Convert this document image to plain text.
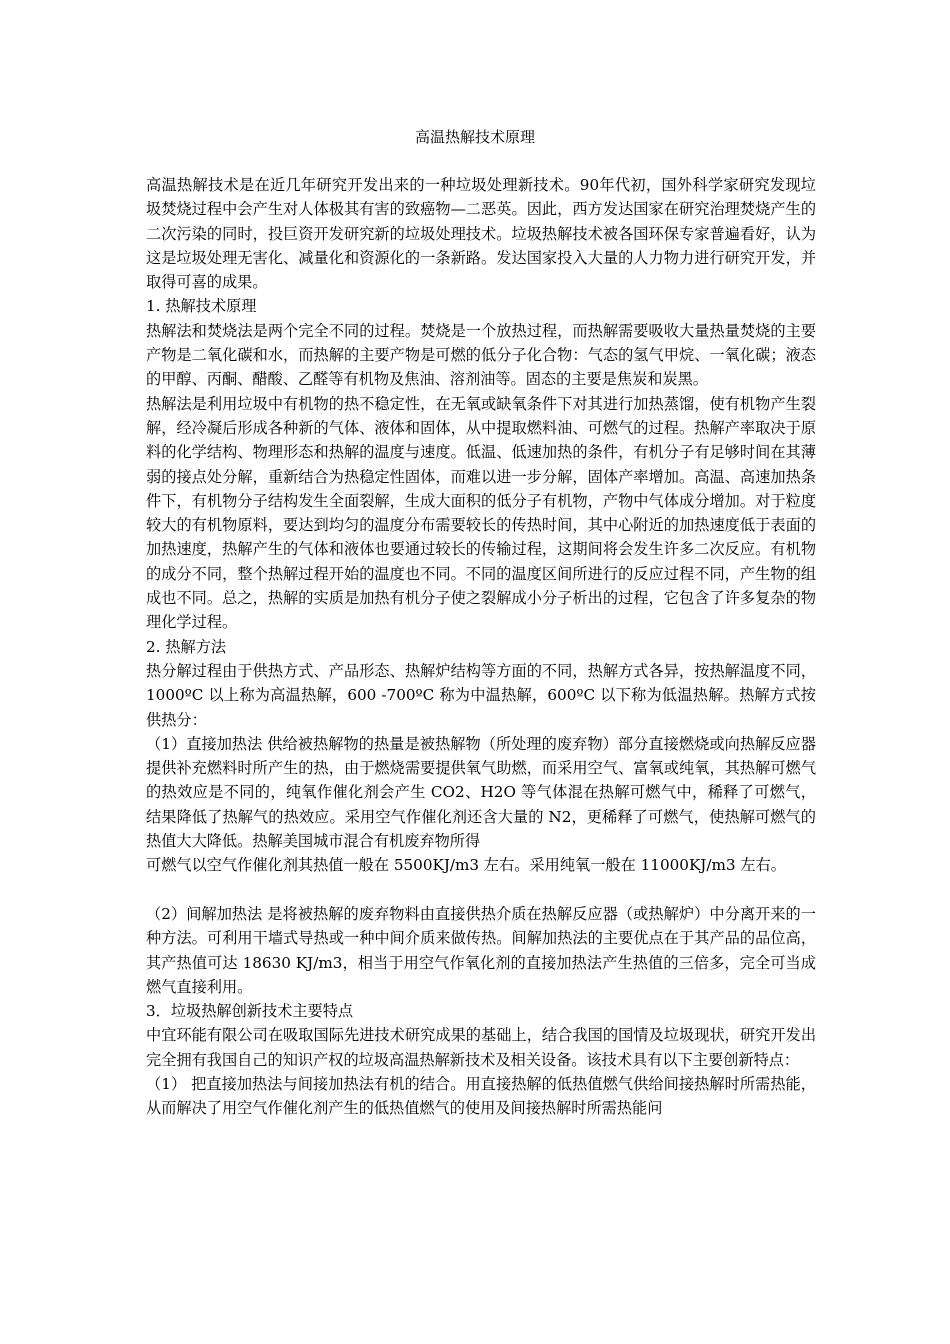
高温热解技术原理

高温热解技术是在近几年研究开发出来的一种垃圾处理新技术。90年代初，国外科学家研究发现垃圾焚烧过程中会产生对人体极其有害的致癌物—二恶英。因此，西方发达国家在研究治理焚烧产生的二次污染的同时，投巨资开发研究新的垃圾处理技术。垃圾热解技术被各国环保专家普遍看好，认为这是垃圾处理无害化、减量化和资源化的一条新路。发达国家投入大量的人力物力进行研究开发，并取得可喜的成果。

1. 热解技术原理

热解法和焚烧法是两个完全不同的过程。焚烧是一个放热过程，而热解需要吸收大量热量焚烧的主要产物是二氧化碳和水，而热解的主要产物是可燃的低分子化合物：气态的氢气甲烷、一氧化碳；液态的甲醇、丙酮、醋酸、乙醛等有机物及焦油、溶剂油等。固态的主要是焦炭和炭黑。

热解法是利用垃圾中有机物的热不稳定性，在无氧或缺氧条件下对其进行加热蒸馏，使有机物产生裂解，经冷凝后形成各种新的气体、液体和固体，从中提取燃料油、可燃气的过程。热解产率取决于原料的化学结构、物理形态和热解的温度与速度。低温、低速加热的条件，有机分子有足够时间在其薄弱的接点处分解，重新结合为热稳定性固体，而难以进一步分解，固体产率增加。高温、高速加热条件下，有机物分子结构发生全面裂解，生成大面积的低分子有机物，产物中气体成分增加。对于粒度较大的有机物原料，要达到均匀的温度分布需要较长的传热时间，其中心附近的加热速度低于表面的加热速度，热解产生的气体和液体也要通过较长的传输过程，这期间将会发生许多二次反应。有机物的成分不同，整个热解过程开始的温度也不同。不同的温度区间所进行的反应过程不同，产生物的组成也不同。总之，热解的实质是加热有机分子使之裂解成小分子析出的过程，它包含了许多复杂的物理化学过程。

2. 热解方法

热分解过程由于供热方式、产品形态、热解炉结构等方面的不同，热解方式各异，按热解温度不同，1000ºC 以上称为高温热解，600 -700ºC 称为中温热解，600ºC 以下称为低温热解。热解方式按供热分：

（1）直接加热法 供给被热解物的热量是被热解物（所处理的废弃物）部分直接燃烧或向热解反应器提供补充燃料时所产生的热，由于燃烧需要提供氧气助燃，而采用空气、富氧或纯氧，其热解可燃气的热效应是不同的，纯氧作催化剂会产生 CO2、H2O 等气体混在热解可燃气中，稀释了可燃气，结果降低了热解气的热效应。采用空气作催化剂还含大量的 N2，更稀释了可燃气，使热解可燃气的热值大大降低。热解美国城市混合有机废弃物所得

可燃气以空气作催化剂其热值一般在 5500KJ/m3 左右。采用纯氧一般在 11000KJ/m3 左右。

（2）间解加热法 是将被热解的废弃物料由直接供热介质在热解反应器（或热解炉）中分离开来的一种方法。可利用干墙式导热或一种中间介质来做传热。间解加热法的主要优点在于其产品的品位高，其产热值可达 18630 KJ/m3，相当于用空气作氧化剂的直接加热法产生热值的三倍多，完全可当成燃气直接利用。

3．垃圾热解创新技术主要特点

中宜环能有限公司在吸取国际先进技术研究成果的基础上，结合我国的国情及垃圾现状，研究开发出完全拥有我国自己的知识产权的垃圾高温热解新技术及相关设备。该技术具有以下主要创新特点：

（1） 把直接加热法与间接加热法有机的结合。用直接热解的低热值燃气供给间接热解时所需热能，从而解决了用空气作催化剂产生的低热值燃气的使用及间接热解时所需热能问
